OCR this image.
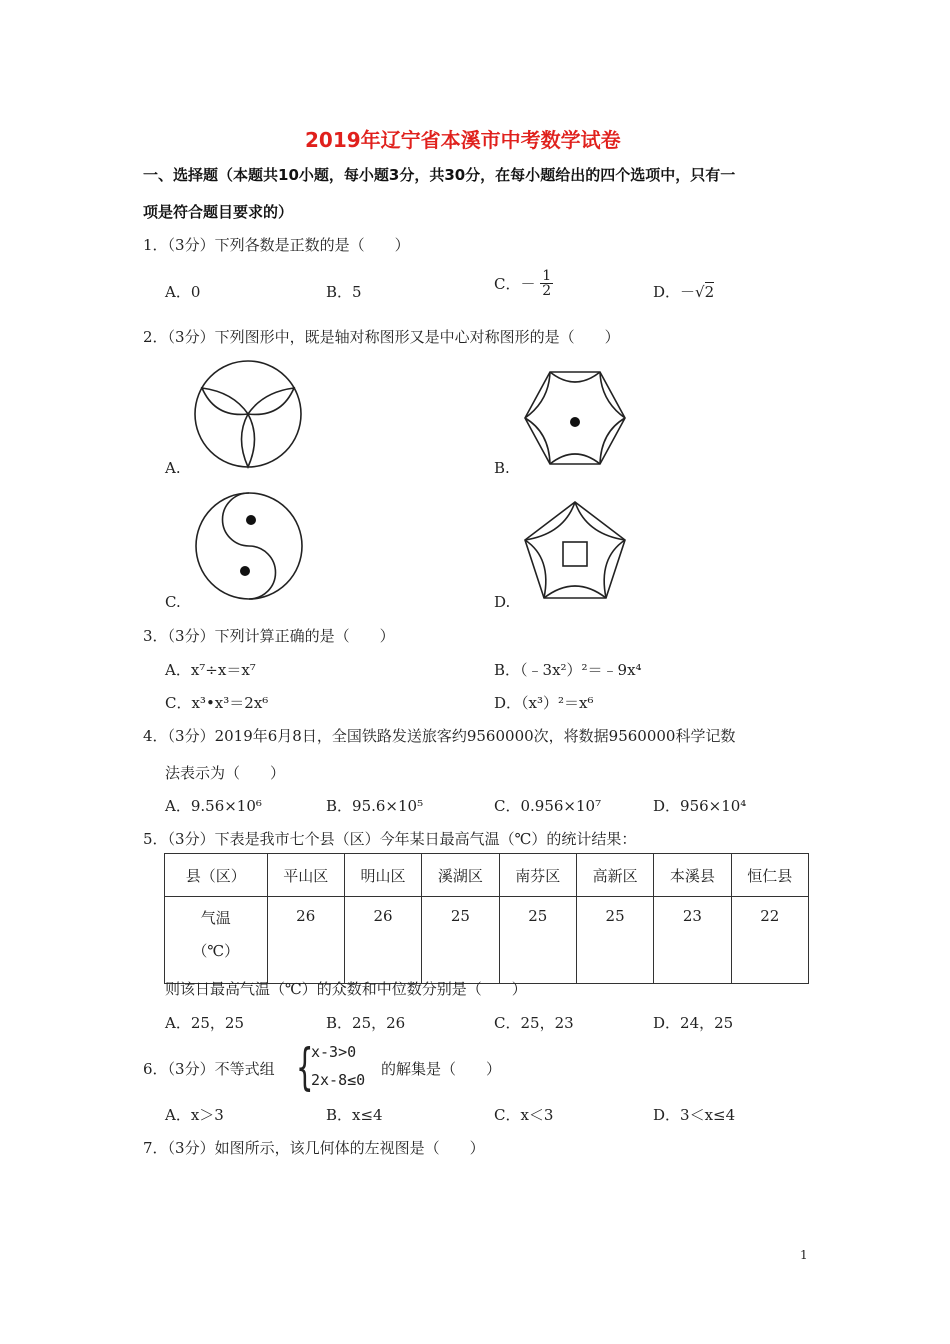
2019年辽宁省本溪市中考数学试卷
一、选择题（本题共10小题，每小题3分，共30分，在每小题给出的四个选项中，只有一
项是符合题目要求的）
1．（3分）下列各数是正数的是（　　）
A．0	B．5	C．－ $\frac{1}{2}$	D．－√2
2．（3分）下列图形中，既是轴对称图形又是中心对称图形的是（　　）
A.	B.
C.	D.
3．（3分）下列计算正确的是（　　）
A．x⁷÷x＝x⁷	B．（﹣3x²）²＝﹣9x⁴
C．x³•x³＝2x⁶	D．（x³）²＝x⁶
4．（3分）2019年6月8日，全国铁路发送旅客约9560000次，将数据9560000科学记数
法表示为（　　）
A．9.56×10⁶	B．95.6×10⁵	C．0.956×10⁷	D．956×10⁴
5．（3分）下表是我市七个县（区）今年某日最高气温（℃）的统计结果：
县（区）	平山区	明山区	溪湖区	南芬区	高新区	本溪县	恒仁县

气温
（℃）	26	26	25	25	25	23	22
则该日最高气温（℃）的众数和中位数分别是（　　）
A．25，25	B．25，26	C．25，23	D．24，25
6．（3分）不等式组 {
x-3>0
2x-8≤0
的解集是（　　）
A．x＞3	B．x≤4	C．x＜3	D．3＜x≤4
7．（3分）如图所示，该几何体的左视图是（　　）
1
